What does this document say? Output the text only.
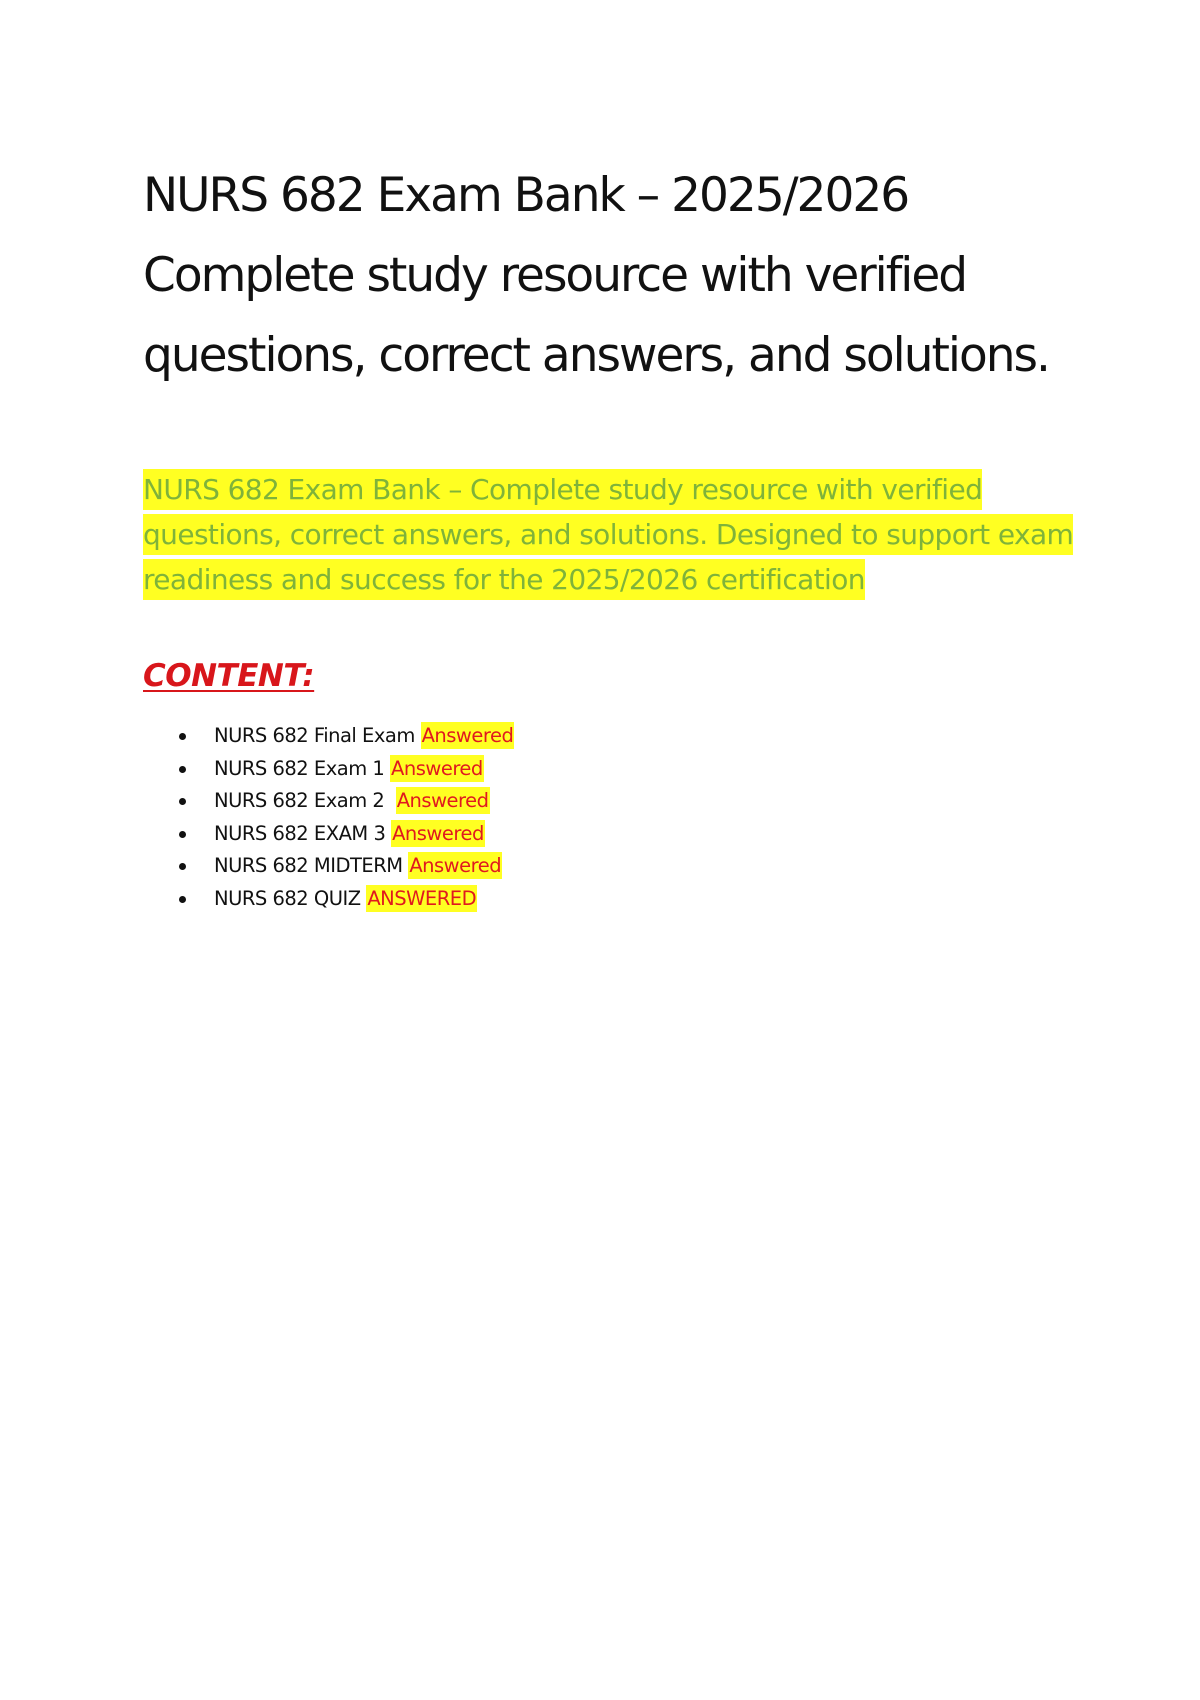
NURS 682 Exam Bank – 2025/2026
Complete study resource with verified
questions, correct answers, and solutions.

NURS 682 Exam Bank – Complete study resource with verified questions, correct answers, and solutions. Designed to support exam readiness and success for the 2025/2026 certification

CONTENT:
NURS 682 Final Exam Answered
NURS 682 Exam 1 Answered
NURS 682 Exam 2  Answered
NURS 682 EXAM 3 Answered
NURS 682 MIDTERM Answered
NURS 682 QUIZ ANSWERED
